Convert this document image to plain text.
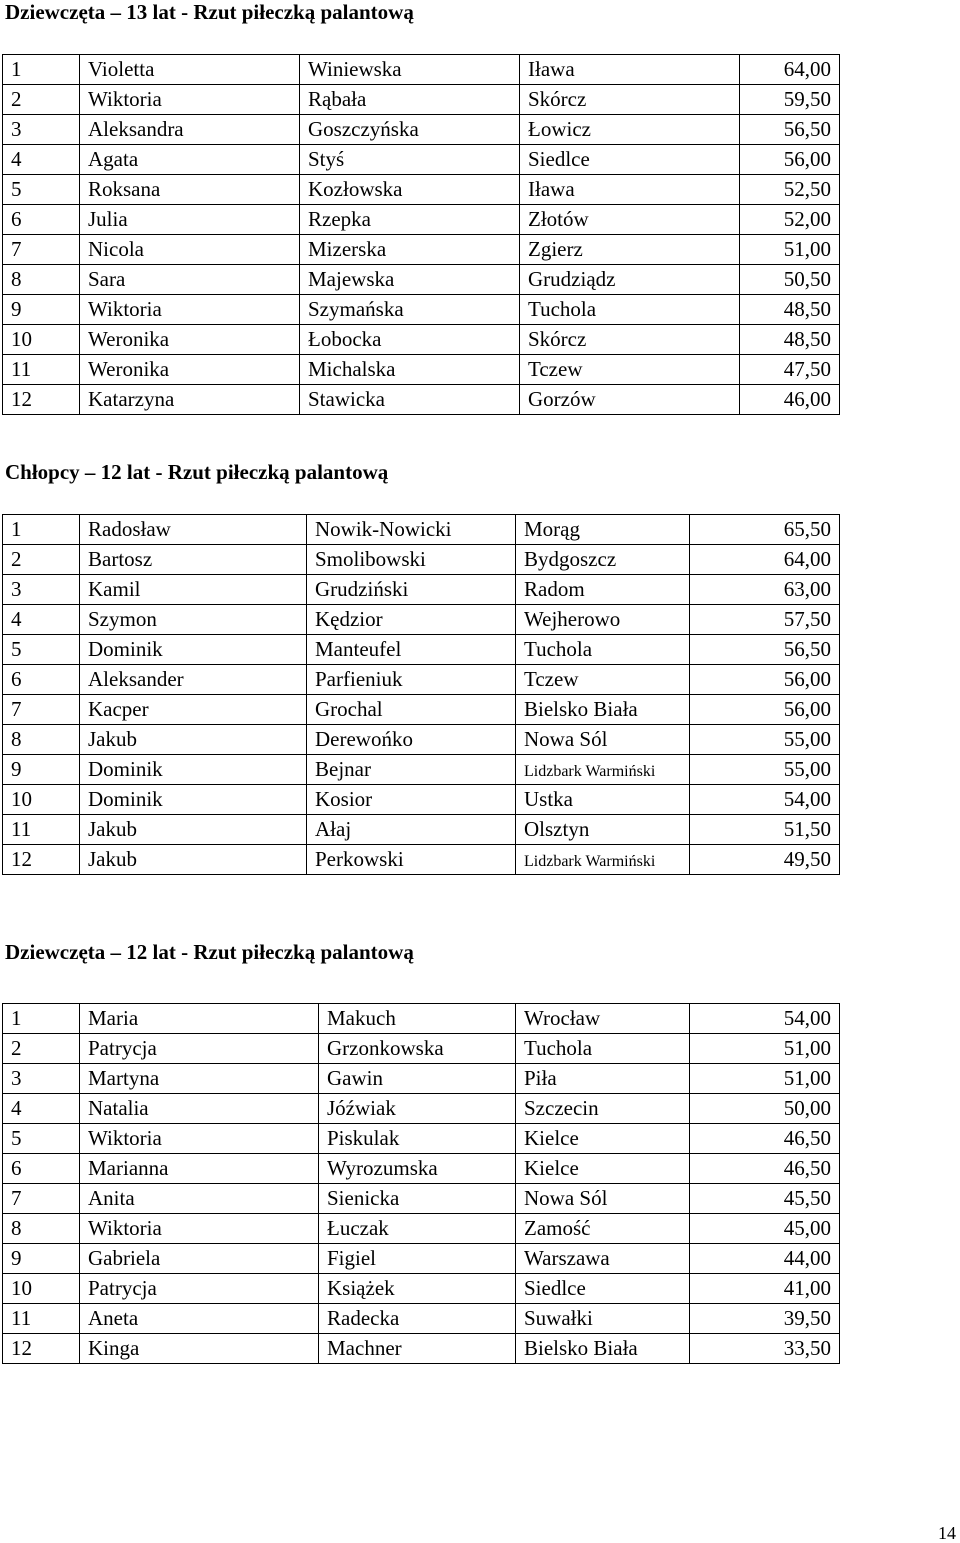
Dziewczęta – 13 lat - Rzut piłeczką palantową
1	Violetta	Winiewska	Iława	64,00
2	Wiktoria	Rąbała	Skórcz	59,50
3	Aleksandra	Goszczyńska	Łowicz	56,50
4	Agata	Styś	Siedlce	56,00
5	Roksana	Kozłowska	Iława	52,50
6	Julia	Rzepka	Złotów	52,00
7	Nicola	Mizerska	Zgierz	51,00
8	Sara	Majewska	Grudziądz	50,50
9	Wiktoria	Szymańska	Tuchola	48,50
10	Weronika	Łobocka	Skórcz	48,50
11	Weronika	Michalska	Tczew	47,50
12	Katarzyna	Stawicka	Gorzów	46,00
Chłopcy – 12 lat - Rzut piłeczką palantową
1	Radosław	Nowik-Nowicki	Morąg	65,50
2	Bartosz	Smolibowski	Bydgoszcz	64,00
3	Kamil	Grudziński	Radom	63,00
4	Szymon	Kędzior	Wejherowo	57,50
5	Dominik	Manteufel	Tuchola	56,50
6	Aleksander	Parfieniuk	Tczew	56,00
7	Kacper	Grochal	Bielsko Biała	56,00
8	Jakub	Derewońko	Nowa Sól	55,00
9	Dominik	Bejnar	Lidzbark Warmiński	55,00
10	Dominik	Kosior	Ustka	54,00
11	Jakub	Ałaj	Olsztyn	51,50
12	Jakub	Perkowski	Lidzbark Warmiński	49,50
Dziewczęta – 12 lat - Rzut piłeczką palantową
1	Maria	Makuch	Wrocław	54,00
2	Patrycja	Grzonkowska	Tuchola	51,00
3	Martyna	Gawin	Piła	51,00
4	Natalia	Jóźwiak	Szczecin	50,00
5	Wiktoria	Piskulak	Kielce	46,50
6	Marianna	Wyrozumska	Kielce	46,50
7	Anita	Sienicka	Nowa Sól	45,50
8	Wiktoria	Łuczak	Zamość	45,00
9	Gabriela	Figiel	Warszawa	44,00
10	Patrycja	Książek	Siedlce	41,00
11	Aneta	Radecka	Suwałki	39,50
12	Kinga	Machner	Bielsko Biała	33,50
14
